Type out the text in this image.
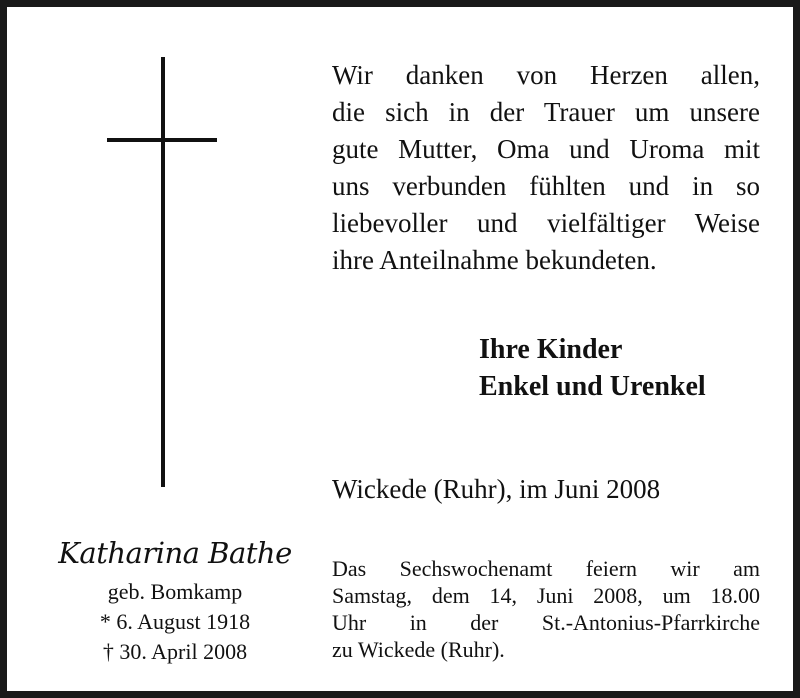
Wir danken von Herzen allen,
die sich in der Trauer um unsere
gute Mutter, Oma und Uroma mit
uns verbunden fühlten und in so
liebevoller und vielfältiger Weise
ihre Anteilnahme bekundeten.
Ihre Kinder
Enkel und Urenkel
Wickede (Ruhr), im Juni 2008
Das Sechswochenamt feiern wir am
Samstag, dem 14, Juni 2008, um 18.00
Uhr in der St.-Antonius-Pfarrkirche
zu Wickede (Ruhr).
Katharina Bathe
geb. Bomkamp
* 6. August 1918
† 30. April 2008
